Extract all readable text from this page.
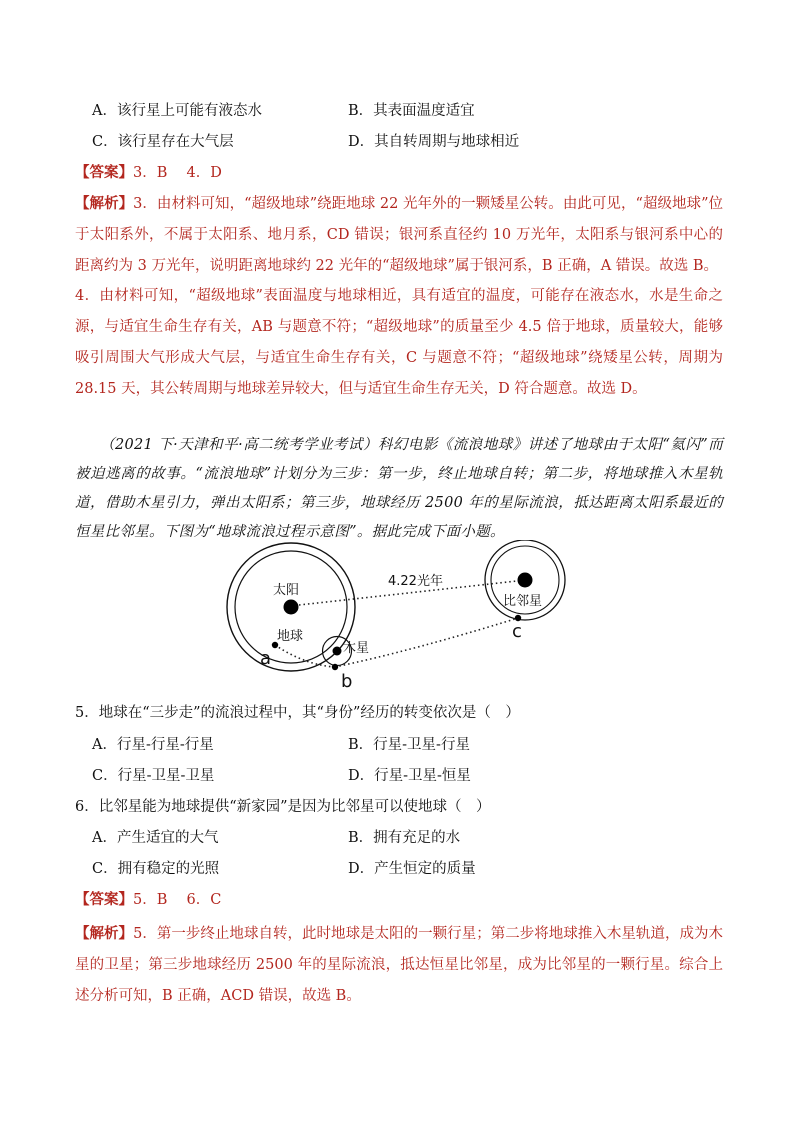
A．该行星上可能有液态水	B．其表面温度适宜
C．该行星存在大气层	D．其自转周期与地球相近
【答案】3．B　 4．D
【解析】3．由材料可知，“超级地球”绕距地球 22 光年外的一颗矮星公转。由此可见，“超级地球”位于太阳系外，不属于太阳系、地月系，CD 错误；银河系直径约 10 万光年，太阳系与银河系中心的距离约为 3 万光年，说明距离地球约 22 光年的“超级地球”属于银河系，B 正确，A 错误。故选 B。
4．由材料可知，“超级地球”表面温度与地球相近，具有适宜的温度，可能存在液态水，水是生命之源，与适宜生命生存有关，AB 与题意不符；“超级地球”的质量至少 4.5 倍于地球，质量较大，能够吸引周围大气形成大气层，与适宜生命生存有关，C 与题意不符；“超级地球”绕矮星公转，周期为 28.15 天，其公转周期与地球差异较大，但与适宜生命生存无关，D 符合题意。故选 D。
（2021 下·天津和平·高二统考学业考试）科幻电影《流浪地球》讲述了地球由于太阳“氦闪”而被迫逃离的故事。“流浪地球”计划分为三步：第一步，终止地球自转；第二步，将地球推入木星轨道，借助木星引力，弹出太阳系；第三步，地球经历 2500 年的星际流浪，抵达距离太阳系最近的恒星比邻星。下图为“地球流浪过程示意图”。据此完成下面小题。
太阳
地球
木星
比邻星
4.22光年
a
b
c
5．地球在“三步走”的流浪过程中，其“身份”经历的转变依次是（　）
A．行星-行星-行星	B．行星-卫星-行星
C．行星-卫星-卫星	D．行星-卫星-恒星
6．比邻星能为地球提供“新家园”是因为比邻星可以使地球（　）
A．产生适宜的大气	B．拥有充足的水
C．拥有稳定的光照	D．产生恒定的质量
【答案】5．B　 6．C
【解析】5．第一步终止地球自转，此时地球是太阳的一颗行星；第二步将地球推入木星轨道，成为木星的卫星；第三步地球经历 2500 年的星际流浪，抵达恒星比邻星，成为比邻星的一颗行星。综合上述分析可知，B 正确，ACD 错误，故选 B。
